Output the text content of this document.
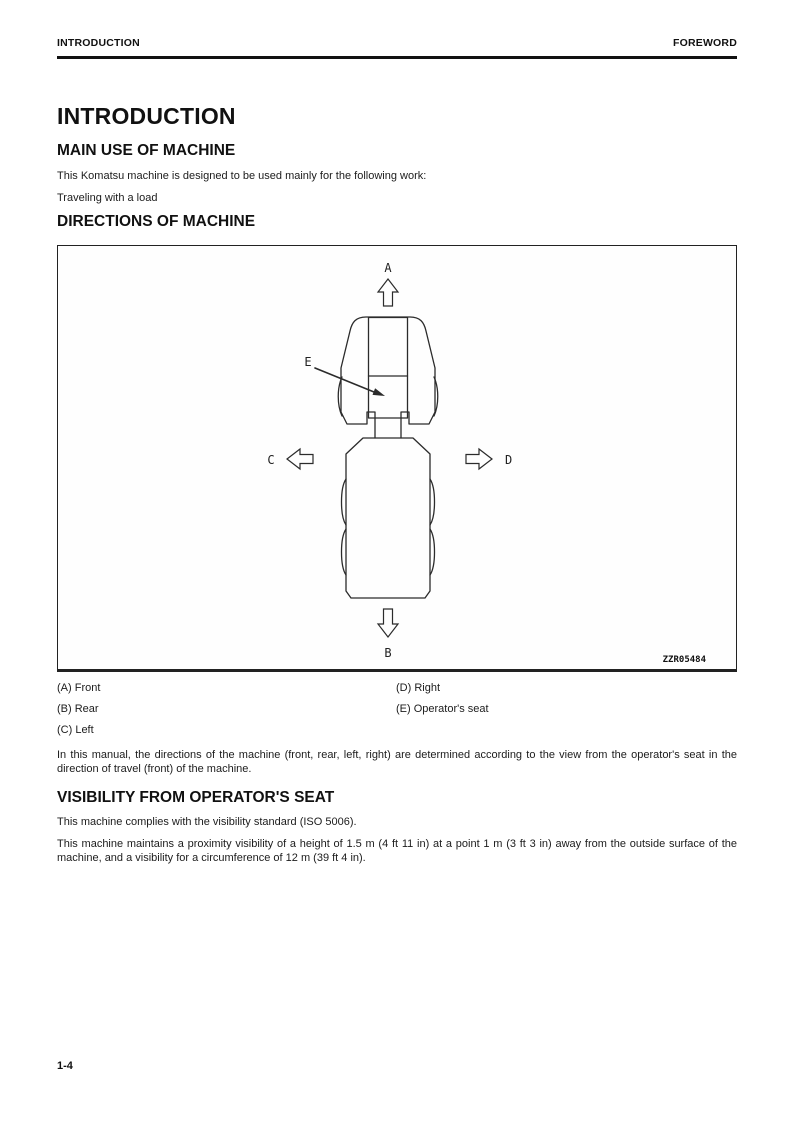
INTRODUCTION	FOREWORD
INTRODUCTION
MAIN USE OF MACHINE

This Komatsu machine is designed to be used mainly for the following work:

Traveling with a load

DIRECTIONS OF MACHINE
A
E
B
C	D
ZZR05484
(A) Front	(D) Right
(B) Rear	(E) Operator's seat
(C) Left

In this manual, the directions of the machine (front, rear, left, right) are determined according to the view from the operator's seat in the direction of travel (front) of the machine.

VISIBILITY FROM OPERATOR'S SEAT

This machine complies with the visibility standard (ISO 5006).

This machine maintains a proximity visibility of a height of 1.5 m (4 ft 11 in) at a point 1 m (3 ft 3 in) away from the outside surface of the machine, and a visibility for a circumference of 12 m (39 ft 4 in).

1-4
